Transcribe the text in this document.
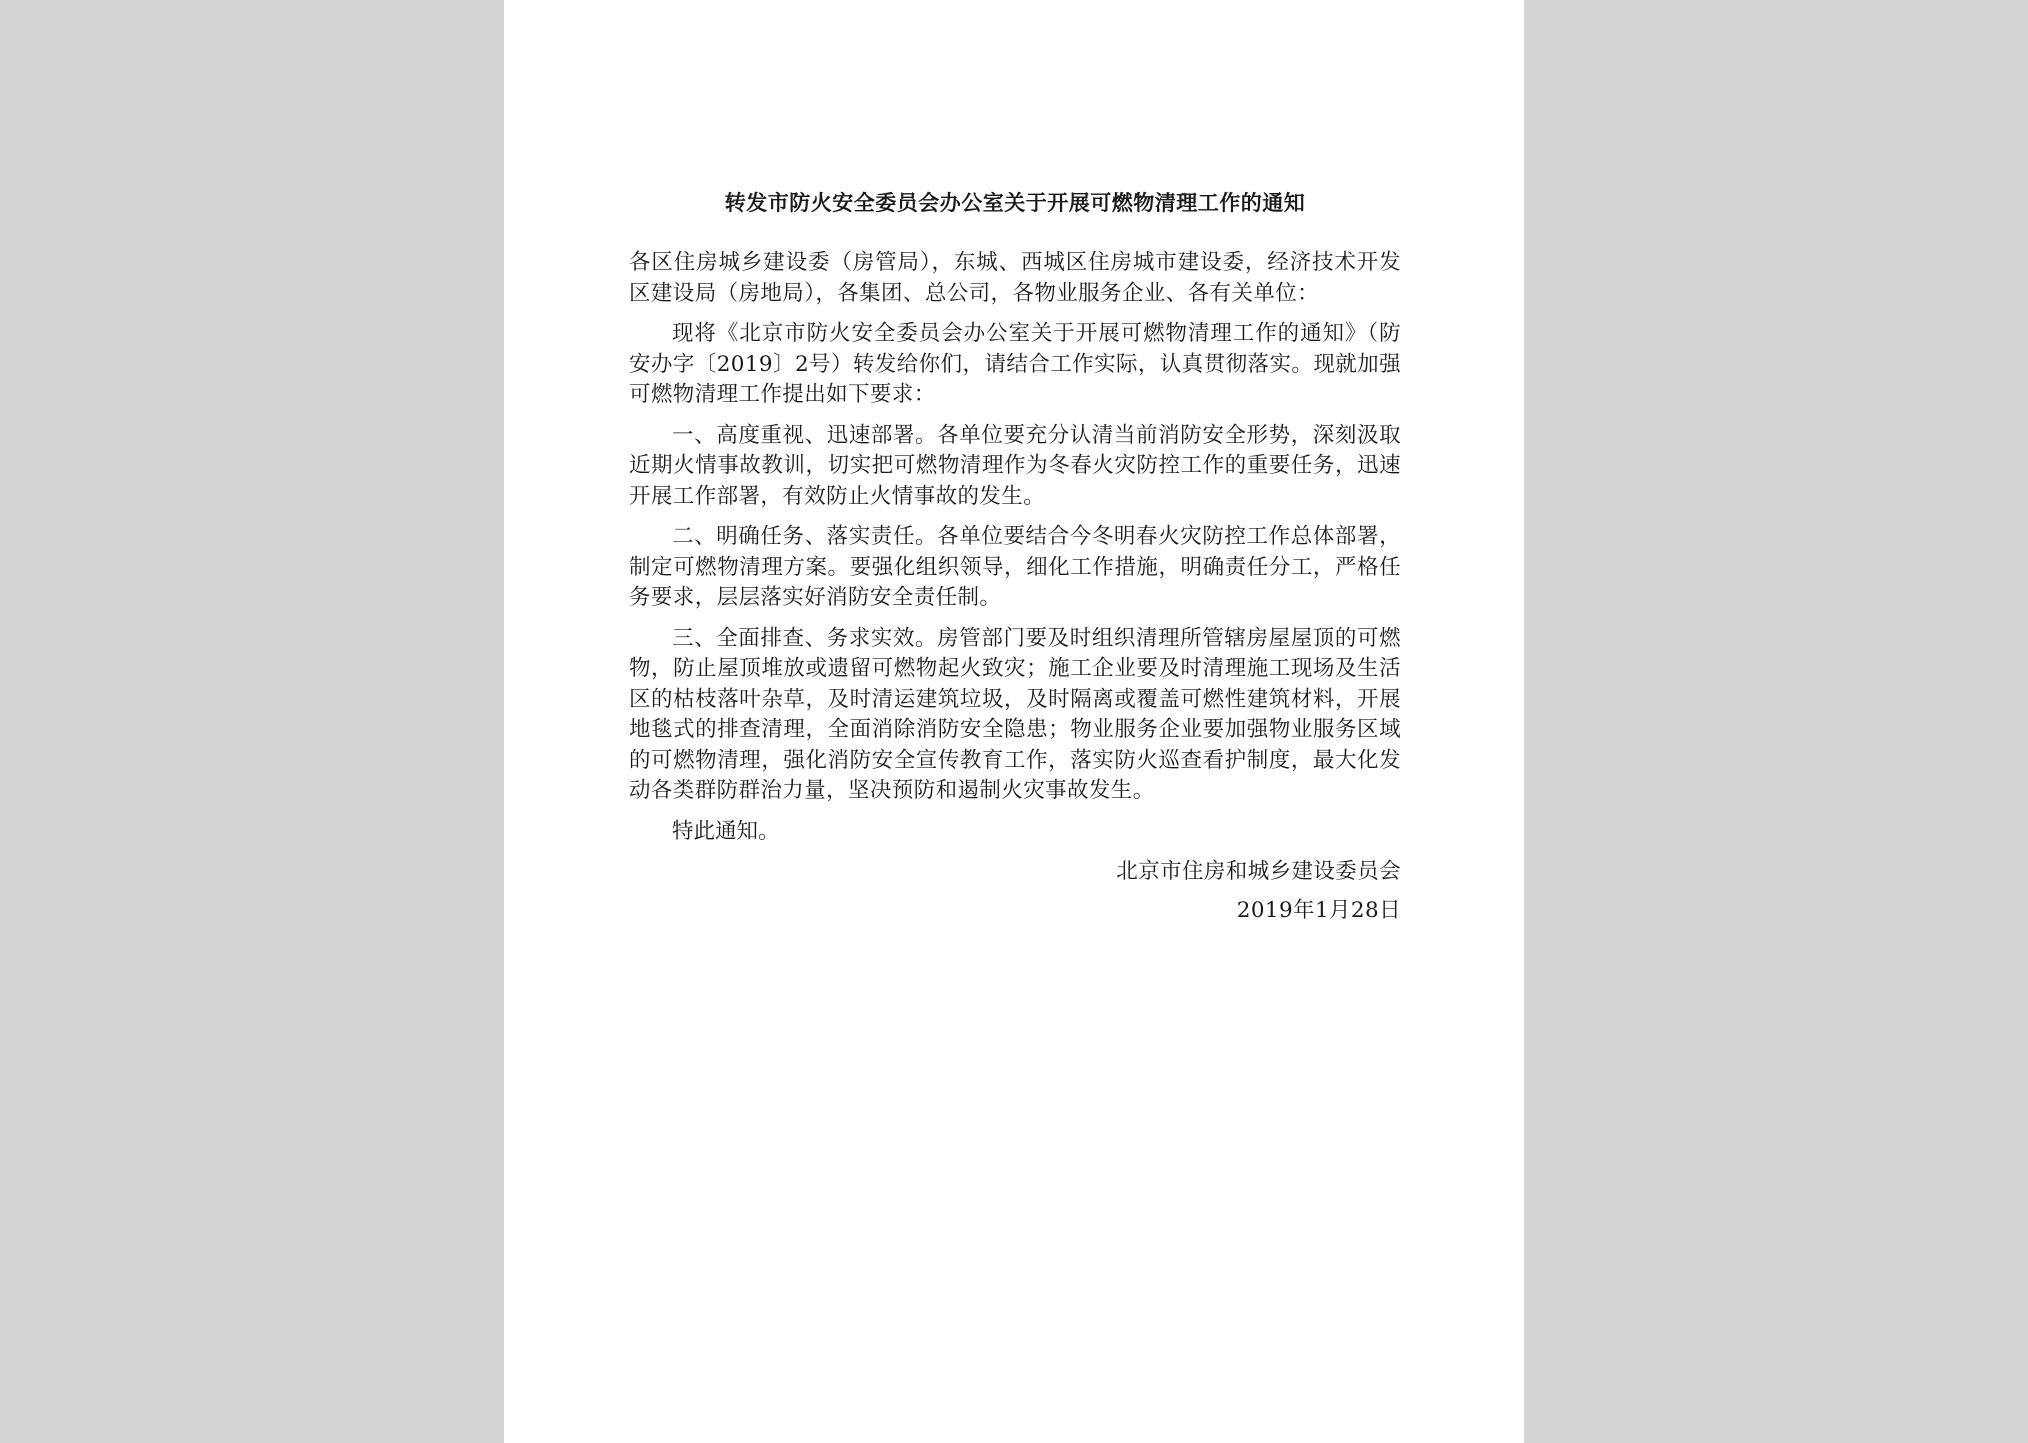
转发市防火安全委员会办公室关于开展可燃物清理工作的通知

各区住房城乡建设委（房管局），东城、西城区住房城市建设委，经济技术开发区建设局（房地局），各集团、总公司，各物业服务企业、各有关单位：

现将《北京市防火安全委员会办公室关于开展可燃物清理工作的通知》（防安办字〔2019〕2号）转发给你们，请结合工作实际，认真贯彻落实。现就加强可燃物清理工作提出如下要求：

一、高度重视、迅速部署。各单位要充分认清当前消防安全形势，深刻汲取近期火情事故教训，切实把可燃物清理作为冬春火灾防控工作的重要任务，迅速开展工作部署，有效防止火情事故的发生。

二、明确任务、落实责任。各单位要结合今冬明春火灾防控工作总体部署，制定可燃物清理方案。要强化组织领导，细化工作措施，明确责任分工，严格任务要求，层层落实好消防安全责任制。

三、全面排查、务求实效。房管部门要及时组织清理所管辖房屋屋顶的可燃物，防止屋顶堆放或遗留可燃物起火致灾；施工企业要及时清理施工现场及生活区的枯枝落叶杂草，及时清运建筑垃圾，及时隔离或覆盖可燃性建筑材料，开展地毯式的排查清理，全面消除消防安全隐患；物业服务企业要加强物业服务区域的可燃物清理，强化消防安全宣传教育工作，落实防火巡查看护制度，最大化发动各类群防群治力量，坚决预防和遏制火灾事故发生。

特此通知。

北京市住房和城乡建设委员会
2019年1月28日
